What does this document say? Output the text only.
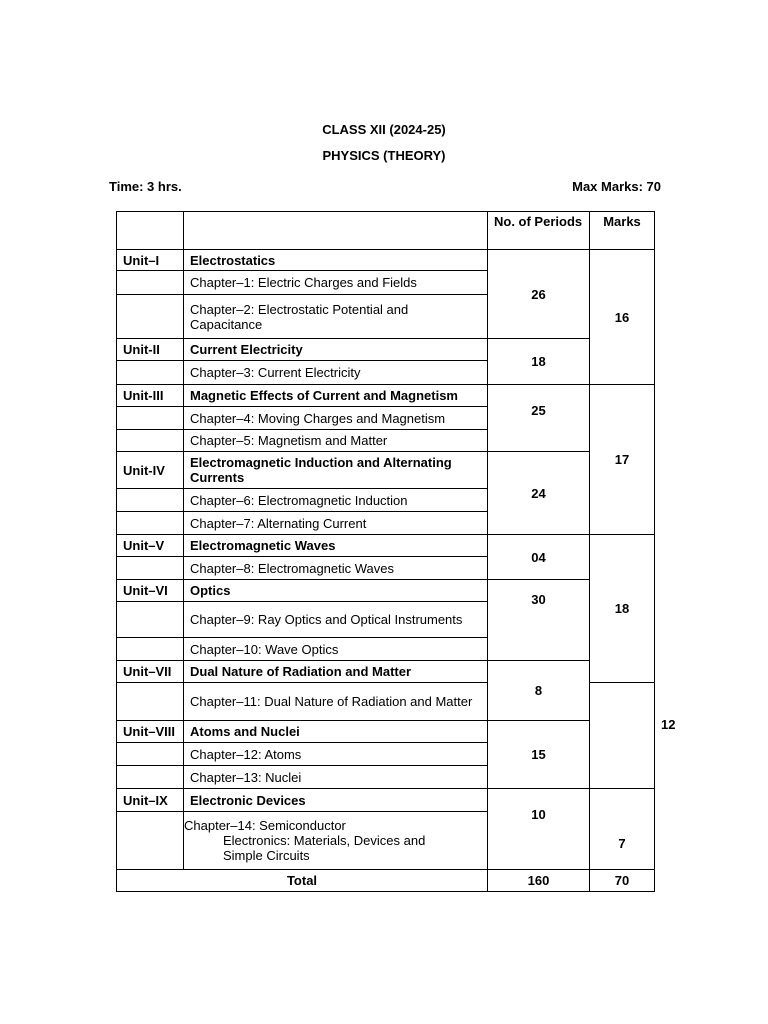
CLASS XII (2024-25)
PHYSICS (THEORY)
Time: 3 hrs.	Max Marks: 70
		No. of Periods	Marks	
Unit–I	Electrostatics	26	16	
	Chapter–1: Electric Charges and Fields			
	Chapter–2: Electrostatic Potential and Capacitance			
Unit-II	Current Electricity	18		
	Chapter–3: Current Electricity			
Unit-III	Magnetic Effects of Current and Magnetism	25	17	
	Chapter–4: Moving Charges and Magnetism			
	Chapter–5: Magnetism and Matter			
Unit-IV	Electromagnetic Induction and Alternating Currents	24		
	Chapter–6: Electromagnetic Induction			
	Chapter–7: Alternating Current			
Unit–V	Electromagnetic Waves	04	18	
	Chapter–8: Electromagnetic Waves			
Unit–VI	Optics	30		
	Chapter–9: Ray Optics and Optical Instruments			
	Chapter–10: Wave Optics			
Unit–VII	Dual Nature of Radiation and Matter	8		12
	Chapter–11: Dual Nature of Radiation and Matter			
Unit–VIII	Atoms and Nuclei	15		
	Chapter–12: Atoms			
	Chapter–13: Nuclei			
Unit–IX	Electronic Devices	10	7	

	Chapter–14: Semiconductor
Electronics: Materials, Devices and
Simple Circuits			

Total		160	70	
